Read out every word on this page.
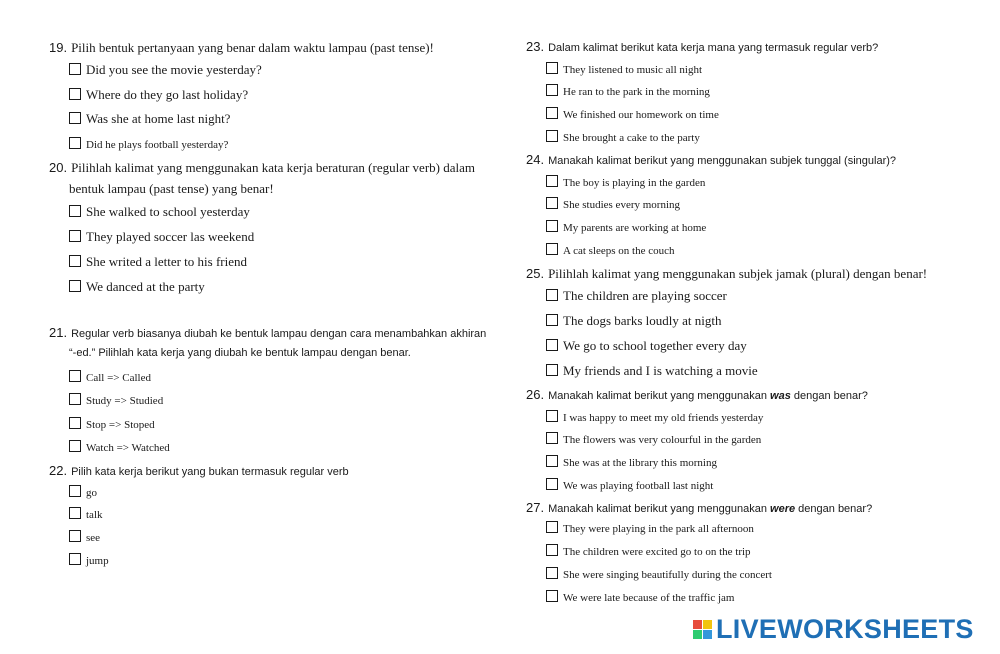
19. Pilih bentuk pertanyaan yang benar dalam waktu lampau (past tense)!
Did you see the movie yesterday?
Where do they go last holiday?
Was she at home last night?
Did he plays football yesterday?
20. Pilihlah kalimat yang menggunakan kata kerja beraturan (regular verb) dalam
bentuk lampau (past tense) yang benar!
She walked to school yesterday
They played soccer las weekend
She writed a letter to his friend
We danced at the party
21. Regular verb biasanya diubah ke bentuk lampau dengan cara menambahkan akhiran
“-ed.” Pilihlah kata kerja yang diubah ke bentuk lampau dengan benar.
Call => Called
Study => Studied
Stop => Stoped
Watch => Watched
22. Pilih kata kerja berikut yang bukan termasuk regular verb
go
talk
see
jump
23. Dalam kalimat berikut kata kerja mana yang termasuk regular verb?
They listened to music all night
He ran to the park in the morning
We finished our homework on time
She brought a cake to the party
24. Manakah kalimat berikut yang menggunakan subjek tunggal (singular)?
The boy is playing in the garden
She studies every morning
My parents are working at home
A cat sleeps on the couch
25. Pilihlah kalimat yang menggunakan subjek jamak (plural) dengan benar!
The children are playing soccer
The dogs barks loudly at nigth
We go to school together every day
My friends and I is watching a movie
26. Manakah kalimat berikut yang menggunakan was dengan benar?
I was happy to meet my old friends yesterday
The flowers was very colourful in the garden
She was at the library this morning
We was playing football last night
27. Manakah kalimat berikut yang menggunakan were dengan benar?
They were playing in the park all afternoon
The children were excited go to on the trip
She were singing beautifully during the concert
We were late because of the traffic jam
LIVEWORKSHEETS
